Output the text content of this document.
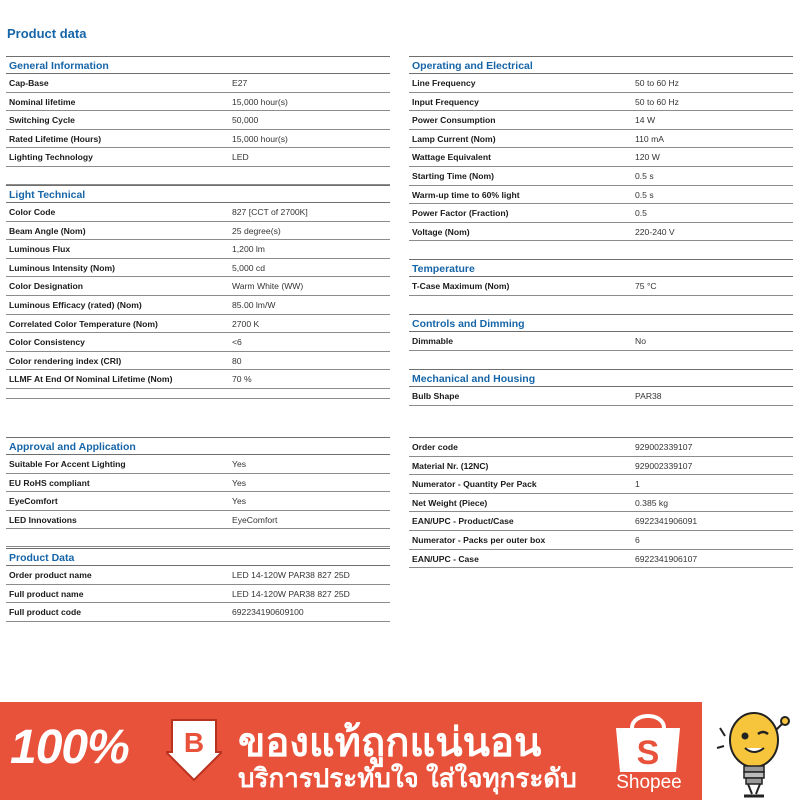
Product data
General Information
Cap-Base	E27
Nominal lifetime	15,000 hour(s)
Switching Cycle	50,000
Rated Lifetime (Hours)	15,000 hour(s)
Lighting Technology	LED
Light Technical
Color Code	827 [CCT of 2700K]
Beam Angle (Nom)	25 degree(s)
Luminous Flux	1,200 lm
Luminous Intensity (Nom)	5,000 cd
Color Designation	Warm White (WW)
Luminous Efficacy (rated) (Nom)	85.00 lm/W
Correlated Color Temperature (Nom)	2700 K
Color Consistency	<6
Color rendering index (CRI)	80
LLMF At End Of Nominal Lifetime (Nom)	70 %
Approval and Application
Suitable For Accent Lighting	Yes
EU RoHS compliant	Yes
EyeComfort	Yes
LED Innovations	EyeComfort
Product Data
Order product name	LED 14-120W PAR38 827 25D
Full product name	LED 14-120W PAR38 827 25D
Full product code	692234190609100
Operating and Electrical
Line Frequency	50 to 60 Hz
Input Frequency	50 to 60 Hz
Power Consumption	14 W
Lamp Current (Nom)	110 mA
Wattage Equivalent	120 W
Starting Time (Nom)	0.5 s
Warm-up time to 60% light	0.5 s
Power Factor (Fraction)	0.5
Voltage (Nom)	220-240 V
Temperature
T-Case Maximum (Nom)	75 °C
Controls and Dimming
Dimmable	No
Mechanical and Housing
Bulb Shape	PAR38
Order code	929002339107
Material Nr. (12NC)	929002339107
Numerator - Quantity Per Pack	1
Net Weight (Piece)	0.385 kg
EAN/UPC - Product/Case	6922341906091
Numerator - Packs per outer box	6
EAN/UPC - Case	6922341906107
100% B ของแท้ถูกแน่นอน
บริการประทับใจ ใส่ใจทุกระดับ
S
Shopee
